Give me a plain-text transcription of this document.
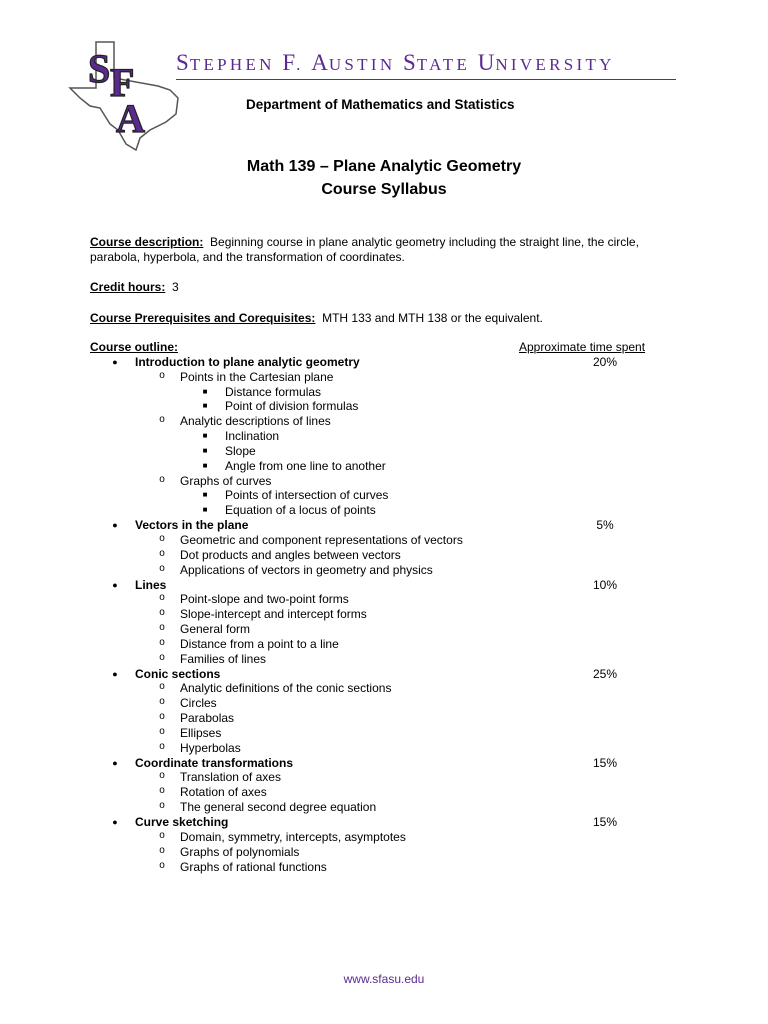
S F
A
STEPHEN F. AUSTIN STATE UNIVERSITY
Department of Mathematics and Statistics
Math 139 – Plane Analytic Geometry
Course Syllabus
Course description: Beginning course in plane analytic geometry including the straight line, the circle, parabola, hyperbola, and the transformation of coordinates.
Credit hours: 3
Course Prerequisites and Corequisites: MTH 133 and MTH 138 or the equivalent.
Course outline:	Approximate time spent
●	Introduction to plane analytic geometry	20%
o Points in the Cartesian plane
■ Distance formulas
■ Point of division formulas
o Analytic descriptions of lines
■ Inclination
■ Slope
■ Angle from one line to another
o Graphs of curves
■ Points of intersection of curves
■ Equation of a locus of points
●	Vectors in the plane	5%
o Geometric and component representations of vectors
o Dot products and angles between vectors
o Applications of vectors in geometry and physics
●	Lines	10%
o Point-slope and two-point forms
o Slope-intercept and intercept forms
o General form
o Distance from a point to a line
o Families of lines
●	Conic sections	25%
o Analytic definitions of the conic sections
o Circles
o Parabolas
o Ellipses
o Hyperbolas
●	Coordinate transformations	15%
o Translation of axes
o Rotation of axes
o The general second degree equation
●	Curve sketching	15%
o Domain, symmetry, intercepts, asymptotes
o Graphs of polynomials
o Graphs of rational functions
www.sfasu.edu
